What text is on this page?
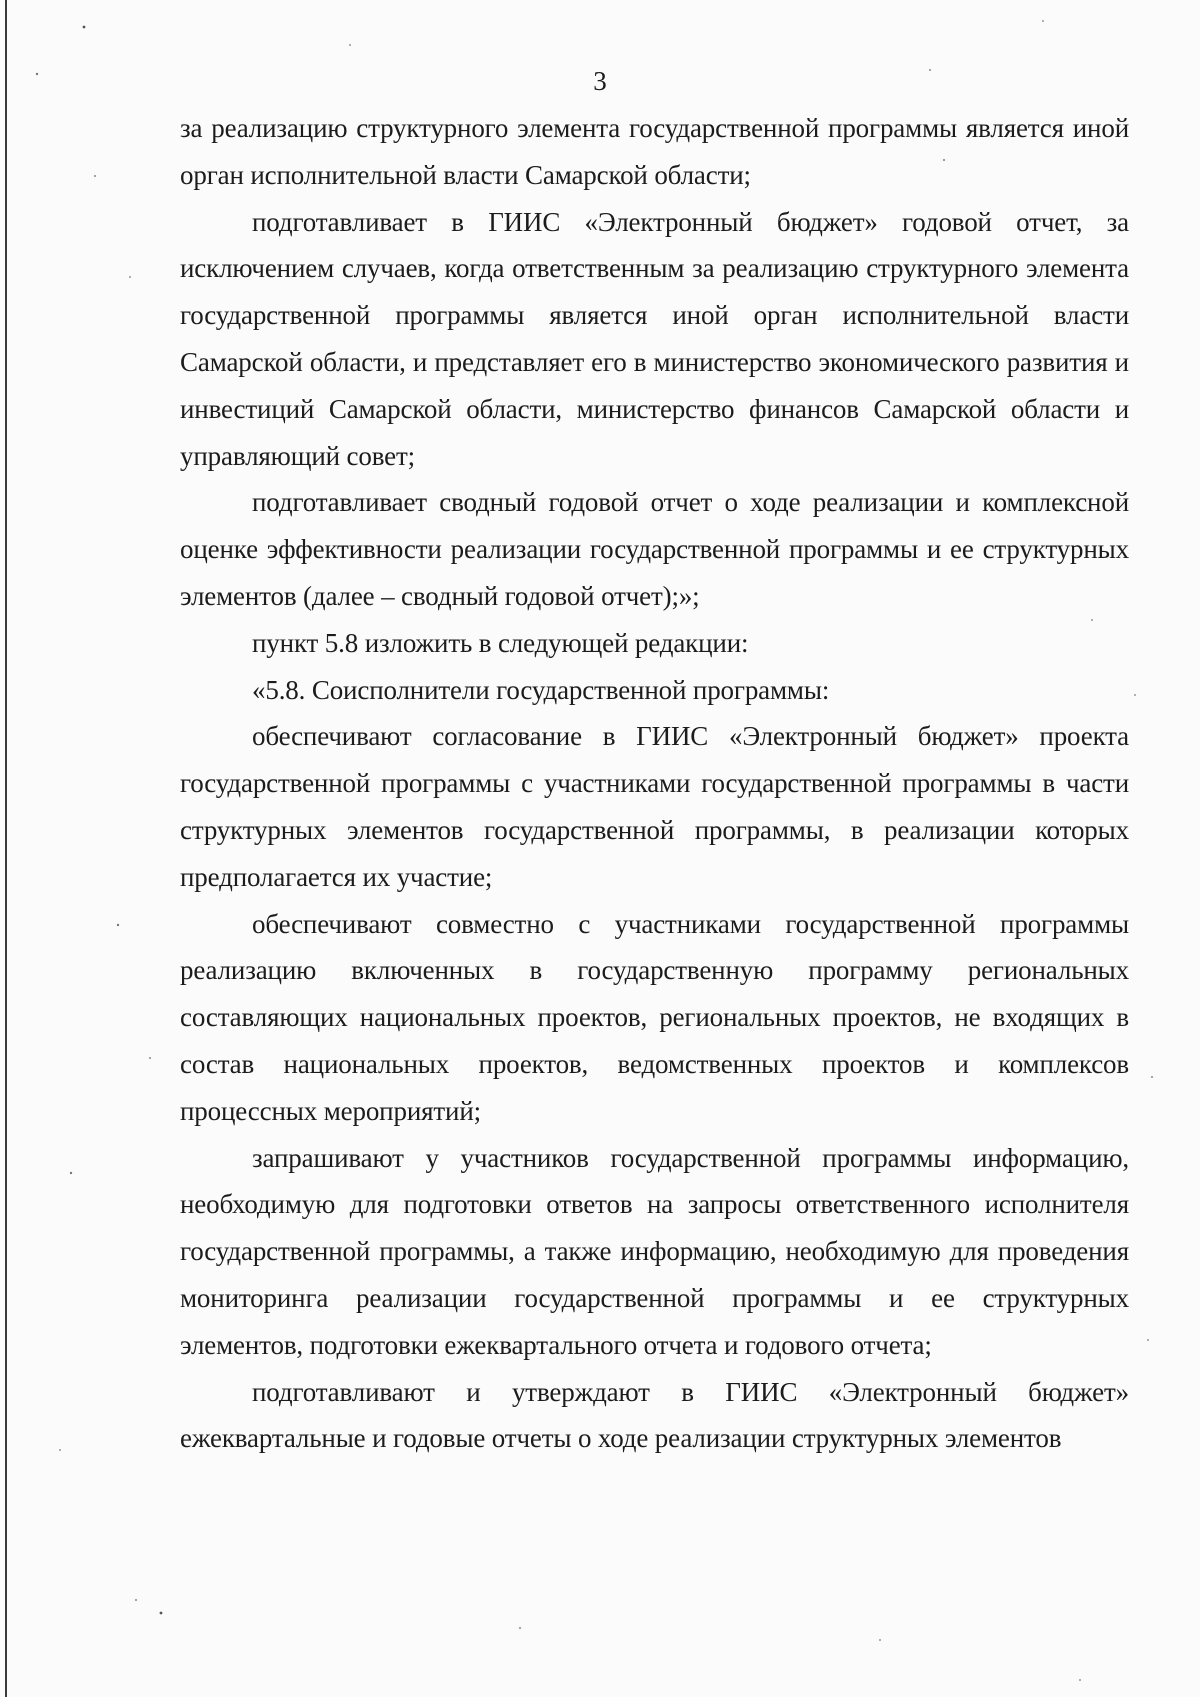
3

за реализацию структурного элемента государственной программы является иной орган исполнительной власти Самарской области;

подготавливает в ГИИС «Электронный бюджет» годовой отчет, за исключением случаев, когда ответственным за реализацию структурного элемента государственной программы является иной орган исполнительной власти Самарской области, и представляет его в министерство экономического развития и инвестиций Самарской области, министерство финансов Самарской области и управляющий совет;

подготавливает сводный годовой отчет о ходе реализации и комплексной оценке эффективности реализации государственной программы и ее структурных элементов (далее – сводный годовой отчет);»;

пункт 5.8 изложить в следующей редакции:

«5.8. Соисполнители государственной программы:

обеспечивают согласование в ГИИС «Электронный бюджет» проекта государственной программы с участниками государственной программы в части структурных элементов государственной программы, в реализации которых предполагается их участие;

обеспечивают совместно с участниками государственной программы реализацию включенных в государственную программу региональных составляющих национальных проектов, региональных проектов, не входящих в состав национальных проектов, ведомственных проектов и комплексов процессных мероприятий;

запрашивают у участников государственной программы информацию, необходимую для подготовки ответов на запросы ответственного исполнителя государственной программы, а также информацию, необходимую для проведения мониторинга реализации государственной программы и ее структурных элементов, подготовки ежеквартального отчета и годового отчета;

подготавливают и утверждают в ГИИС «Электронный бюджет» ежеквартальные и годовые отчеты о ходе реализации структурных элементов
